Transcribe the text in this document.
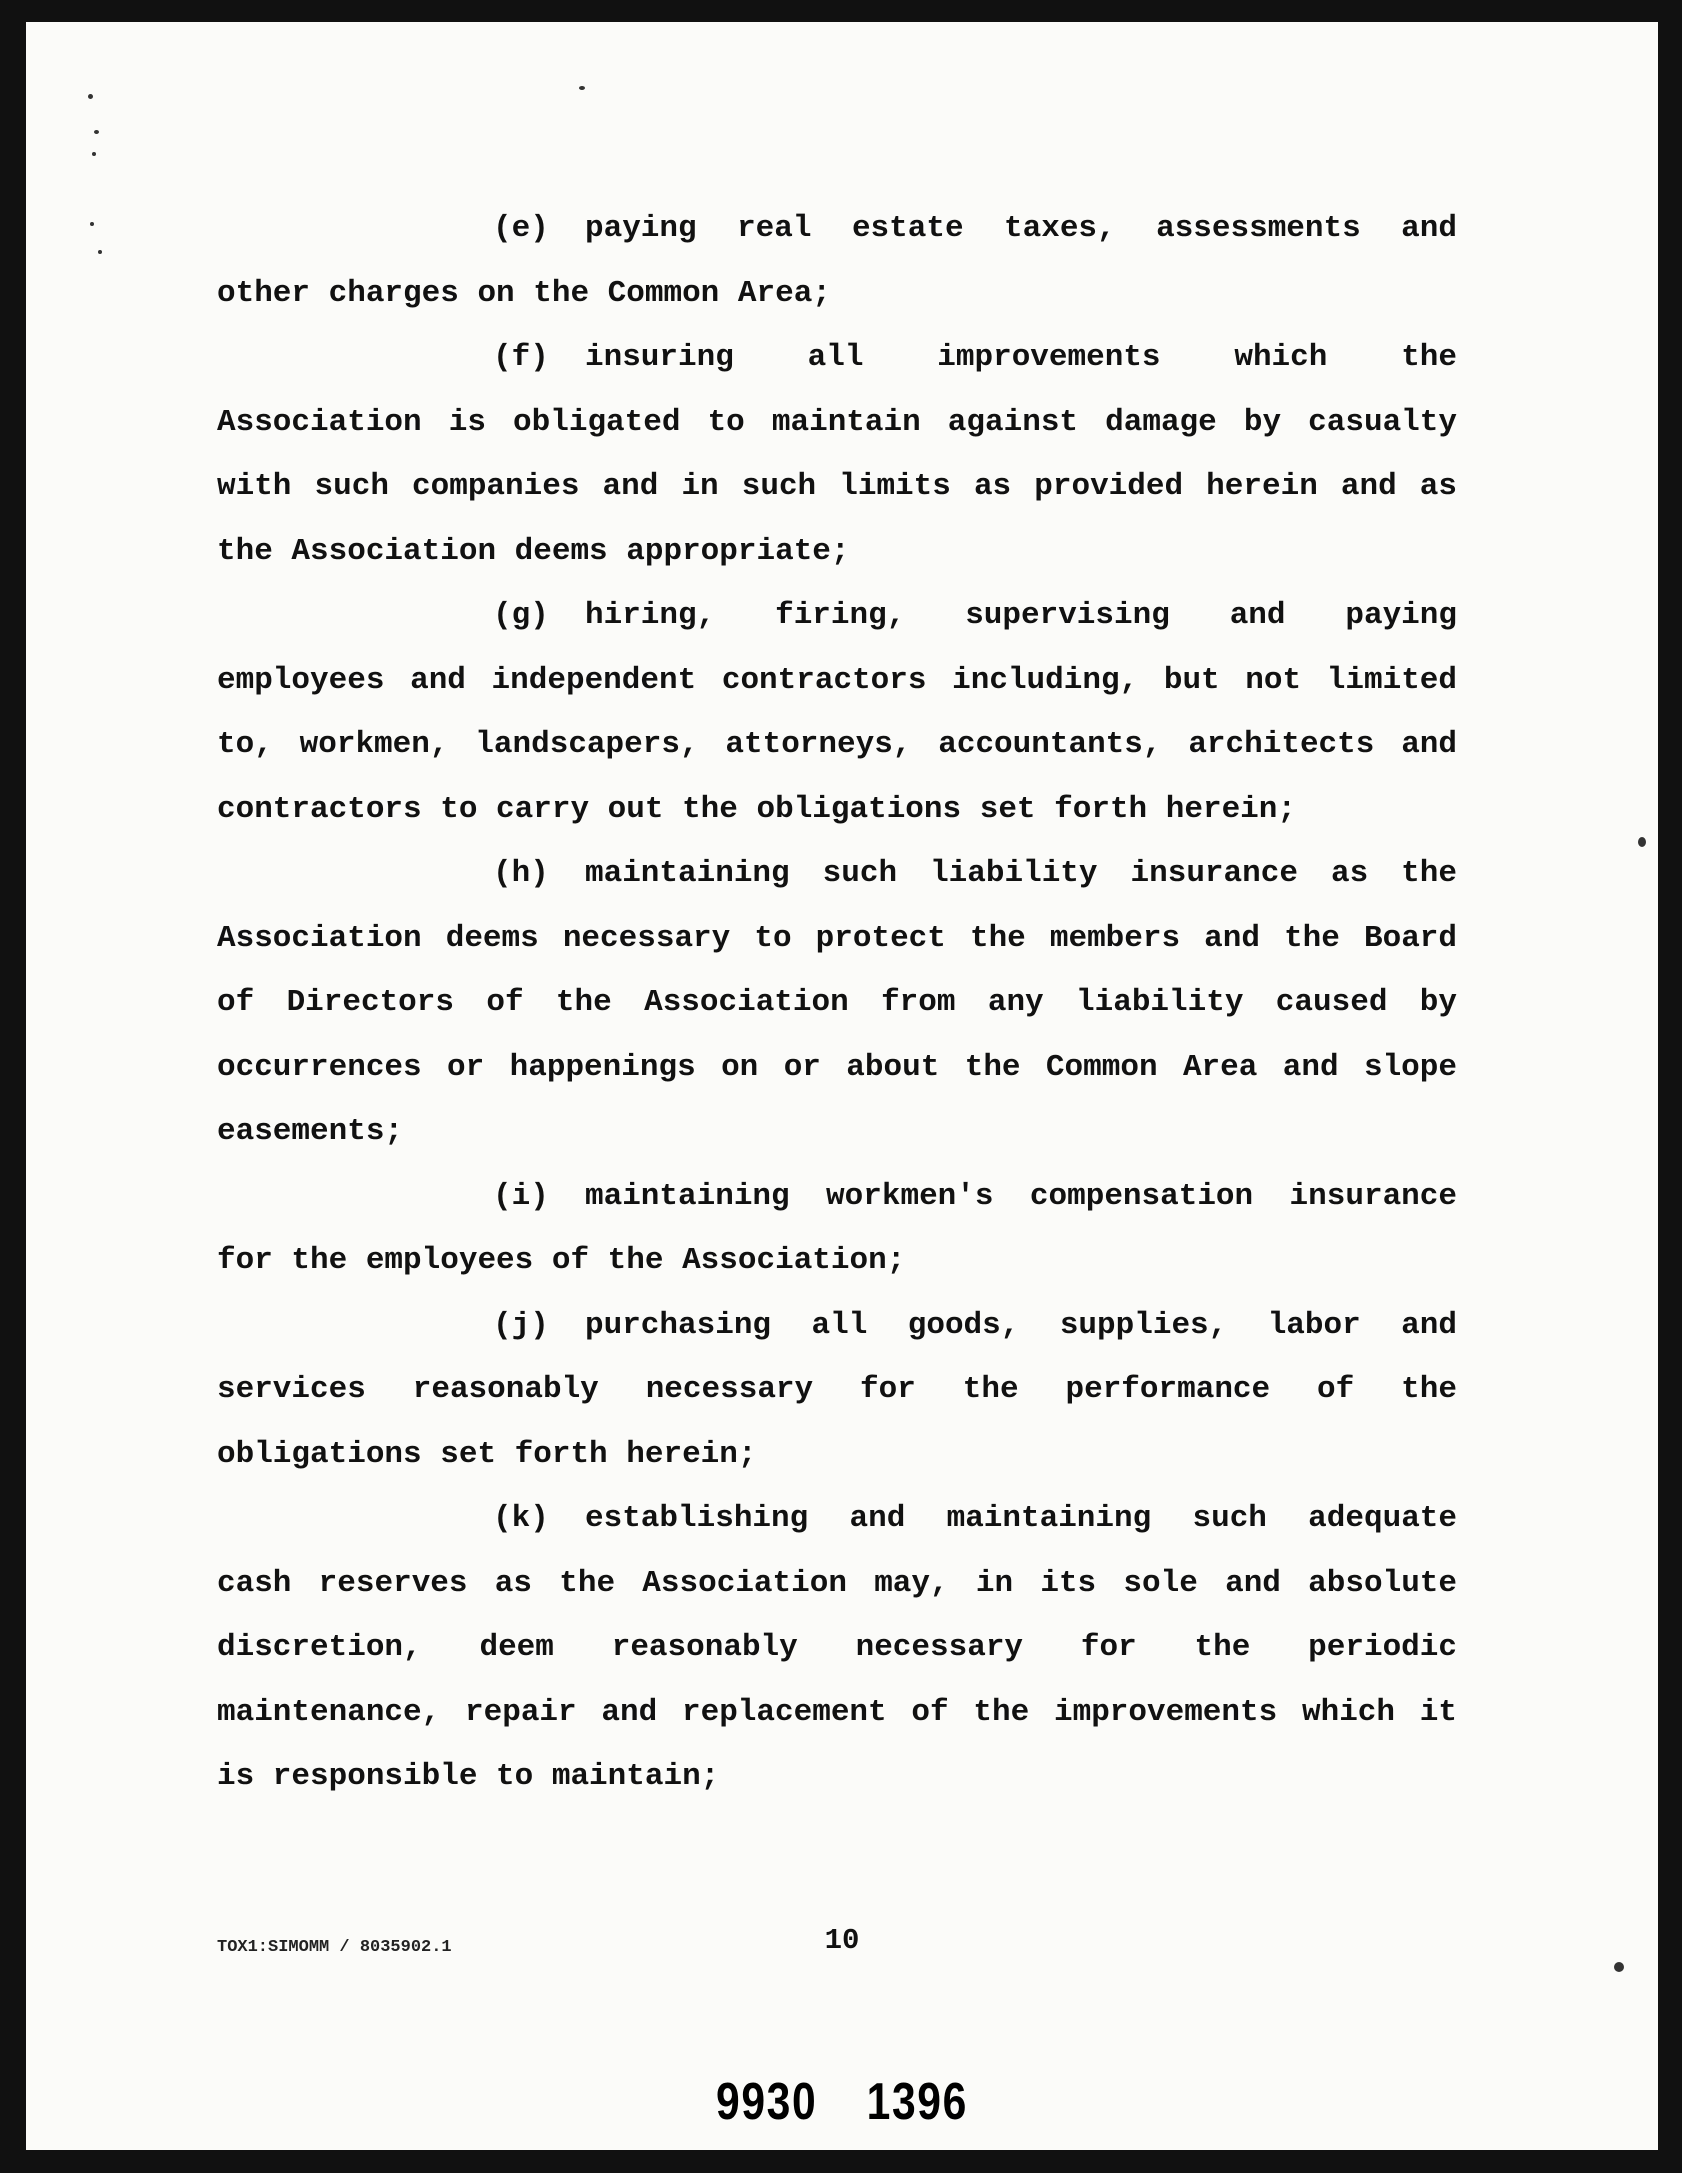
(e) paying real estate taxes, assessments and other charges on the Common Area;

(f) insuring all improvements which the Association is obligated to maintain against damage by casualty with such companies and in such limits as provided herein and as the Association deems appropriate;

(g) hiring, firing, supervising and paying employees and independent contractors including, but not limited to, workmen, landscapers, attorneys, accountants, architects and contractors to carry out the obligations set forth herein;

(h) maintaining such liability insurance as the Association deems necessary to protect the members and the Board of Directors of the Association from any liability caused by occurrences or happenings on or about the Common Area and slope easements;

(i) maintaining workmen's compensation insurance for the employees of the Association;

(j) purchasing all goods, supplies, labor and services reasonably necessary for the performance of the obligations set forth herein;

(k) establishing and maintaining such adequate cash reserves as the Association may, in its sole and absolute discretion, deem reasonably necessary for the periodic maintenance, repair and replacement of the improvements which it is responsible to maintain;

TOX1:SIMOMM / 8035902.1	10
9930 1396
